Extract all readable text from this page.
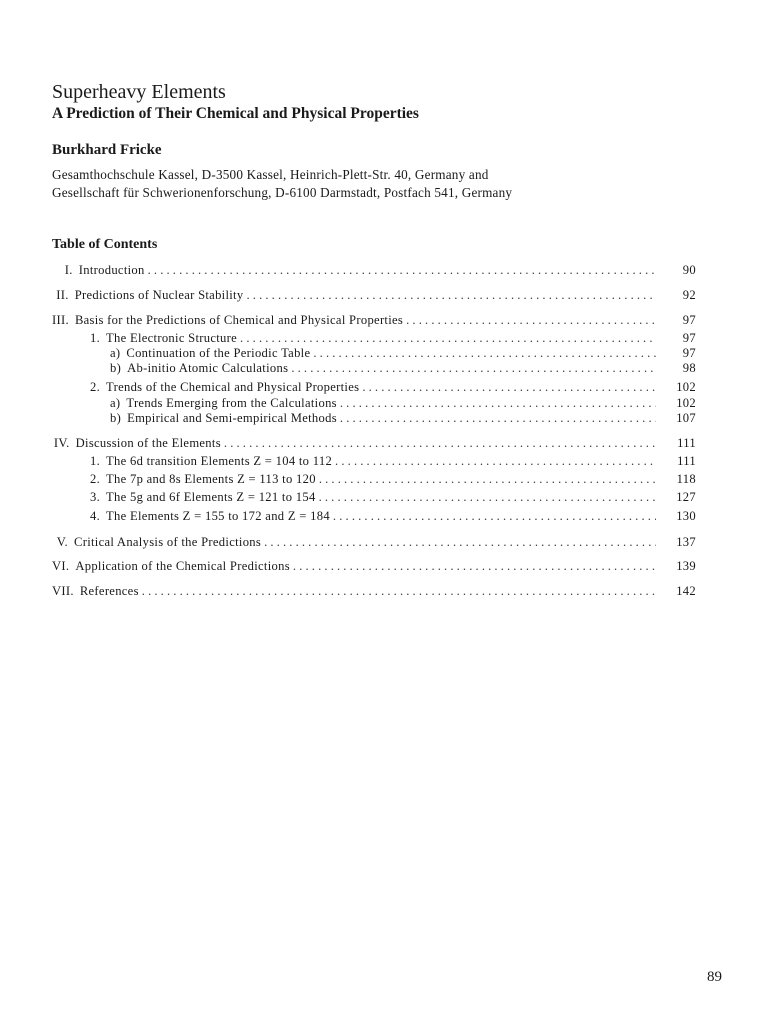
Superheavy Elements
A Prediction of Their Chemical and Physical Properties
Burkhard Fricke
Gesamthochschule Kassel, D-3500 Kassel, Heinrich-Plett-Str. 40, Germany and
Gesellschaft für Schwerionenforschung, D-6100 Darmstadt, Postfach 541, Germany
Table of Contents
I. Introduction . . .	90
II. Predictions of Nuclear Stability . . .	92
III. Basis for the Predictions of Chemical and Physical Properties . . .	97
1. The Electronic Structure . . .	97
a) Continuation of the Periodic Table . . .	97
b) Ab-initio Atomic Calculations . . .	98
2. Trends of the Chemical and Physical Properties . . .	102
a) Trends Emerging from the Calculations . . .	102
b) Empirical and Semi-empirical Methods . . .	107
IV. Discussion of the Elements . . .	111
1. The 6d transition Elements Z = 104 to 112 . . .	111
2. The 7p and 8s Elements Z = 113 to 120 . . .	118
3. The 5g and 6f Elements Z = 121 to 154 . . .	127
4. The Elements Z = 155 to 172 and Z = 184 . . .	130
V. Critical Analysis of the Predictions . . .	137
VI. Application of the Chemical Predictions . . .	139
VII. References . . .	142
89
